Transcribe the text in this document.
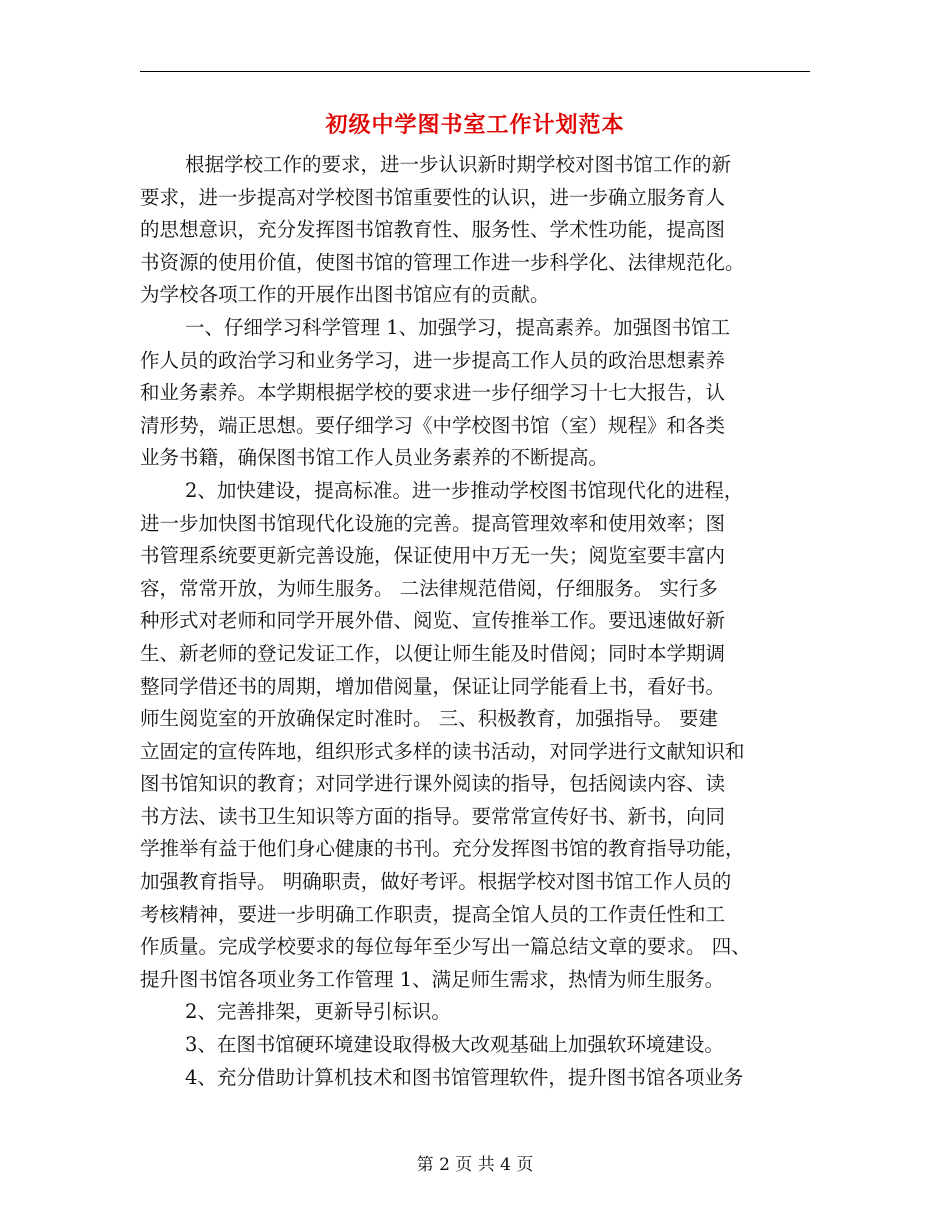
初级中学图书室工作计划范本
根据学校工作的要求，进一步认识新时期学校对图书馆工作的新
要求，进一步提高对学校图书馆重要性的认识，进一步确立服务育人
的思想意识，充分发挥图书馆教育性、服务性、学术性功能，提高图
书资源的使用价值，使图书馆的管理工作进一步科学化、法律规范化。
为学校各项工作的开展作出图书馆应有的贡献。
一、仔细学习科学管理 1、加强学习，提高素养。加强图书馆工
作人员的政治学习和业务学习，进一步提高工作人员的政治思想素养
和业务素养。本学期根据学校的要求进一步仔细学习十七大报告，认
清形势，端正思想。要仔细学习《中学校图书馆（室）规程》和各类
业务书籍，确保图书馆工作人员业务素养的不断提高。
2、加快建设，提高标准。进一步推动学校图书馆现代化的进程，
进一步加快图书馆现代化设施的完善。提高管理效率和使用效率；图
书管理系统要更新完善设施，保证使用中万无一失；阅览室要丰富内
容，常常开放，为师生服务。 二法律规范借阅，仔细服务。 实行多
种形式对老师和同学开展外借、阅览、宣传推举工作。要迅速做好新
生、新老师的登记发证工作，以便让师生能及时借阅；同时本学期调
整同学借还书的周期，增加借阅量，保证让同学能看上书，看好书。
师生阅览室的开放确保定时准时。 三、积极教育，加强指导。 要建
立固定的宣传阵地，组织形式多样的读书活动，对同学进行文献知识和
图书馆知识的教育；对同学进行课外阅读的指导，包括阅读内容、读
书方法、读书卫生知识等方面的指导。要常常宣传好书、新书，向同
学推举有益于他们身心健康的书刊。充分发挥图书馆的教育指导功能，
加强教育指导。 明确职责，做好考评。根据学校对图书馆工作人员的
考核精神，要进一步明确工作职责，提高全馆人员的工作责任性和工
作质量。完成学校要求的每位每年至少写出一篇总结文章的要求。 四、
提升图书馆各项业务工作管理 1、满足师生需求，热情为师生服务。
2、完善排架，更新导引标识。
3、在图书馆硬环境建设取得极大改观基础上加强软环境建设。
4、充分借助计算机技术和图书馆管理软件，提升图书馆各项业务
第 2 页 共 4 页
